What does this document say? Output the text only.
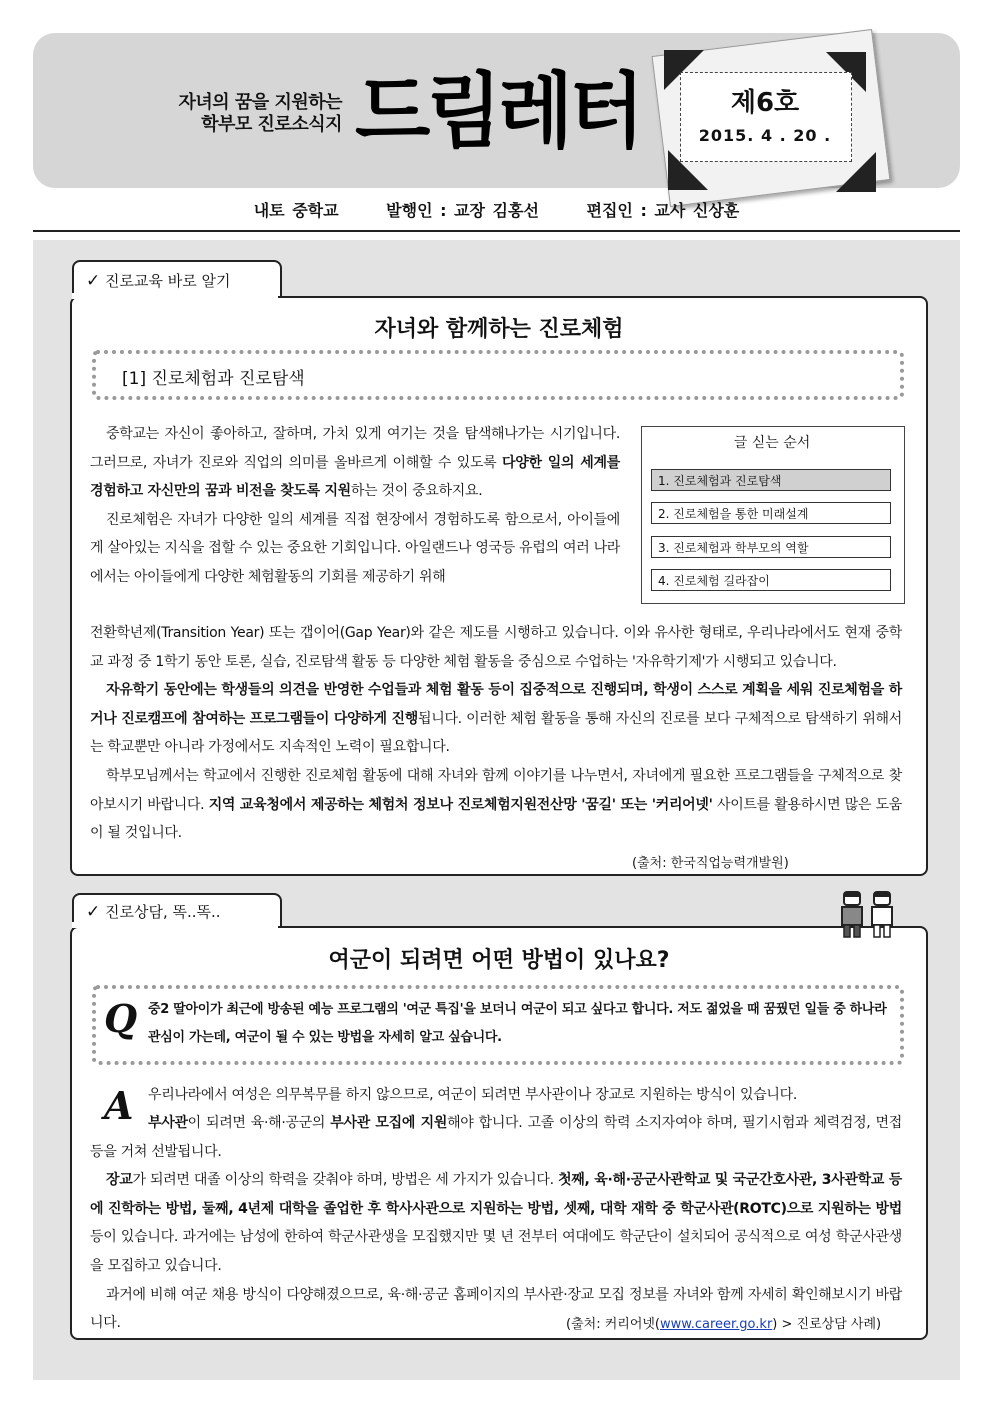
자녀의 꿈을 지원하는
학부모 진로소식지 드림레터	제6호
2015. 4 . 20 .
내토 중학교	발행인 : 교장 김홍선	편집인 : 교사 신상훈
✓ 진로교육 바로 알기
자녀와 함께하는 진로체험
[1] 진로체험과 진로탐색
글 싣는 순서
1. 진로체험과 진로탐색
2. 진로체험을 통한 미래설계
3. 진로체험과 학부모의 역할
4. 진로체험 길라잡이

중학교는 자신이 좋아하고, 잘하며, 가치 있게 여기는 것을 탐색해나가는 시기입니다. 그러므로, 자녀가 진로와 직업의 의미를 올바르게 이해할 수 있도록 다양한 일의 세계를 경험하고 자신만의 꿈과 비전을 찾도록 지원하는 것이 중요하지요.

진로체험은 자녀가 다양한 일의 세계를 직접 현장에서 경험하도록 함으로서, 아이들에게 살아있는 지식을 접할 수 있는 중요한 기회입니다. 아일랜드나 영국등 유럽의 여러 나라에서는 아이들에게 다양한 체험활동의 기회를 제공하기 위해

전환학년제(Transition Year) 또는 갭이어(Gap Year)와 같은 제도를 시행하고 있습니다. 이와 유사한 형태로, 우리나라에서도 현재 중학교 과정 중 1학기 동안 토론, 실습, 진로탐색 활동 등 다양한 체험 활동을 중심으로 수업하는 '자유학기제'가 시행되고 있습니다.

자유학기 동안에는 학생들의 의견을 반영한 수업들과 체험 활동 등이 집중적으로 진행되며, 학생이 스스로 계획을 세워 진로체험을 하거나 진로캠프에 참여하는 프로그램들이 다양하게 진행됩니다. 이러한 체험 활동을 통해 자신의 진로를 보다 구체적으로 탐색하기 위해서는 학교뿐만 아니라 가정에서도 지속적인 노력이 필요합니다.

학부모님께서는 학교에서 진행한 진로체험 활동에 대해 자녀와 함께 이야기를 나누면서, 자녀에게 필요한 프로그램들을 구체적으로 찾아보시기 바랍니다. 지역 교육청에서 제공하는 체험처 정보나 진로체험지원전산망 '꿈길' 또는 '커리어넷' 사이트를 활용하시면 많은 도움이 될 것입니다.

(출처: 한국직업능력개발원)
✓ 진로상담, 똑..똑..
여군이 되려면 어떤 방법이 있나요?
Q 중2 딸아이가 최근에 방송된 예능 프로그램의 '여군 특집'을 보더니 여군이 되고 싶다고 합니다. 저도 젊었을 때 꿈꿨던 일들 중 하나라 관심이 가는데, 여군이 될 수 있는 방법을 자세히 알고 싶습니다.
A 우리나라에서 여성은 의무복무를 하지 않으므로, 여군이 되려면 부사관이나 장교로 지원하는 방식이 있습니다.

부사관이 되려면 육·해·공군의 부사관 모집에 지원해야 합니다. 고졸 이상의 학력 소지자여야 하며, 필기시험과 체력검정, 면접 등을 거쳐 선발됩니다.

장교가 되려면 대졸 이상의 학력을 갖춰야 하며, 방법은 세 가지가 있습니다. 첫째, 육·해·공군사관학교 및 국군간호사관, 3사관학교 등에 진학하는 방법, 둘째, 4년제 대학을 졸업한 후 학사사관으로 지원하는 방법, 셋째, 대학 재학 중 학군사관(ROTC)으로 지원하는 방법 등이 있습니다. 과거에는 남성에 한하여 학군사관생을 모집했지만 몇 년 전부터 여대에도 학군단이 설치되어 공식적으로 여성 학군사관생을 모집하고 있습니다.

과거에 비해 여군 채용 방식이 다양해졌으므로, 육·해·공군 홈페이지의 부사관·장교 모집 정보를 자녀와 함께 자세히 확인해보시기 바랍니다.	(출처: 커리어넷(www.career.go.kr) > 진로상담 사례)
